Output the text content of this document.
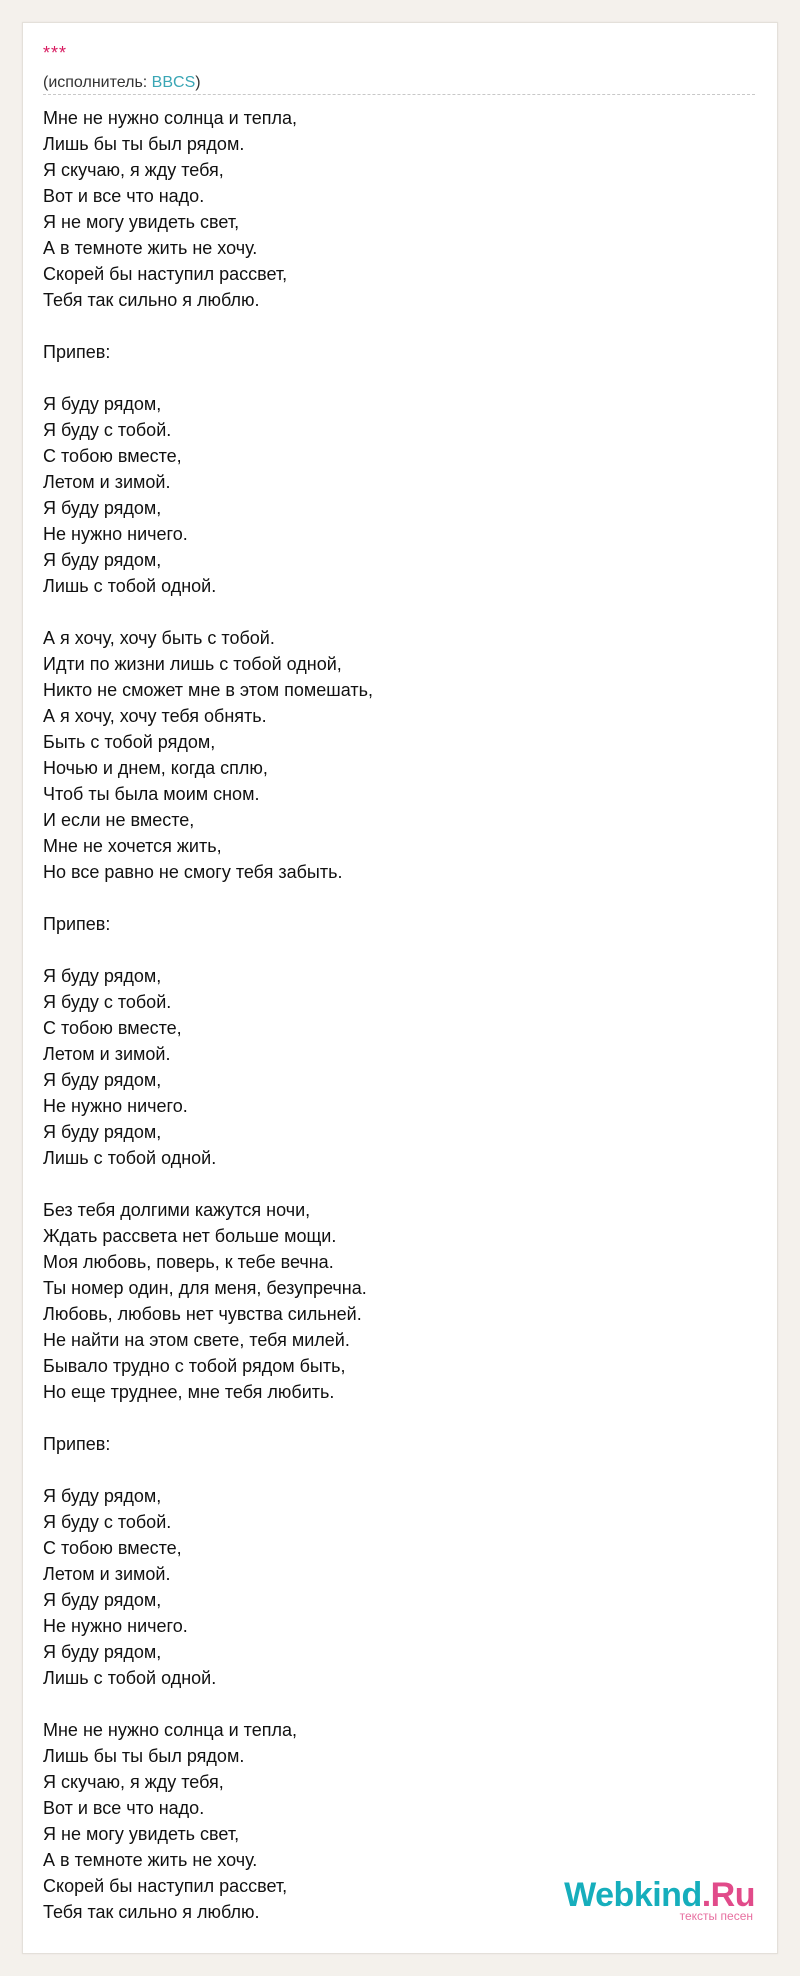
***
(исполнитель: BBCS)
Мне не нужно солнца и тепла,
Лишь бы ты был рядом.
Я скучаю, я жду тебя,
Вот и все что надо.
Я не могу увидеть свет,
А в темноте жить не хочу.
Скорей бы наступил рассвет,
Тебя так сильно я люблю.
Припев:
Я буду рядом,
Я буду с тобой.
С тобою вместе,
Летом и зимой.
Я буду рядом,
Не нужно ничего.
Я буду рядом,
Лишь с тобой одной.
А я хочу, хочу быть с тобой.
Идти по жизни лишь с тобой одной,
Никто не сможет мне в этом помешать,
А я хочу, хочу тебя обнять.
Быть с тобой рядом,
Ночью и днем, когда сплю,
Чтоб ты была моим сном.
И если не вместе,
Мне не хочется жить,
Но все равно не смогу тебя забыть.
Припев:
Я буду рядом,
Я буду с тобой.
С тобою вместе,
Летом и зимой.
Я буду рядом,
Не нужно ничего.
Я буду рядом,
Лишь с тобой одной.
Без тебя долгими кажутся ночи,
Ждать рассвета нет больше мощи.
Моя любовь, поверь, к тебе вечна.
Ты номер один, для меня, безупречна.
Любовь, любовь нет чувства сильней.
Не найти на этом свете, тебя милей.
Бывало трудно с тобой рядом быть,
Но еще труднее, мне тебя любить.
Припев:
Я буду рядом,
Я буду с тобой.
С тобою вместе,
Летом и зимой.
Я буду рядом,
Не нужно ничего.
Я буду рядом,
Лишь с тобой одной.
Мне не нужно солнца и тепла,
Лишь бы ты был рядом.
Я скучаю, я жду тебя,
Вот и все что надо.
Я не могу увидеть свет,
А в темноте жить не хочу.
Скорей бы наступил рассвет,
Тебя так сильно я люблю.	Webkind.Ru
тексты песен
